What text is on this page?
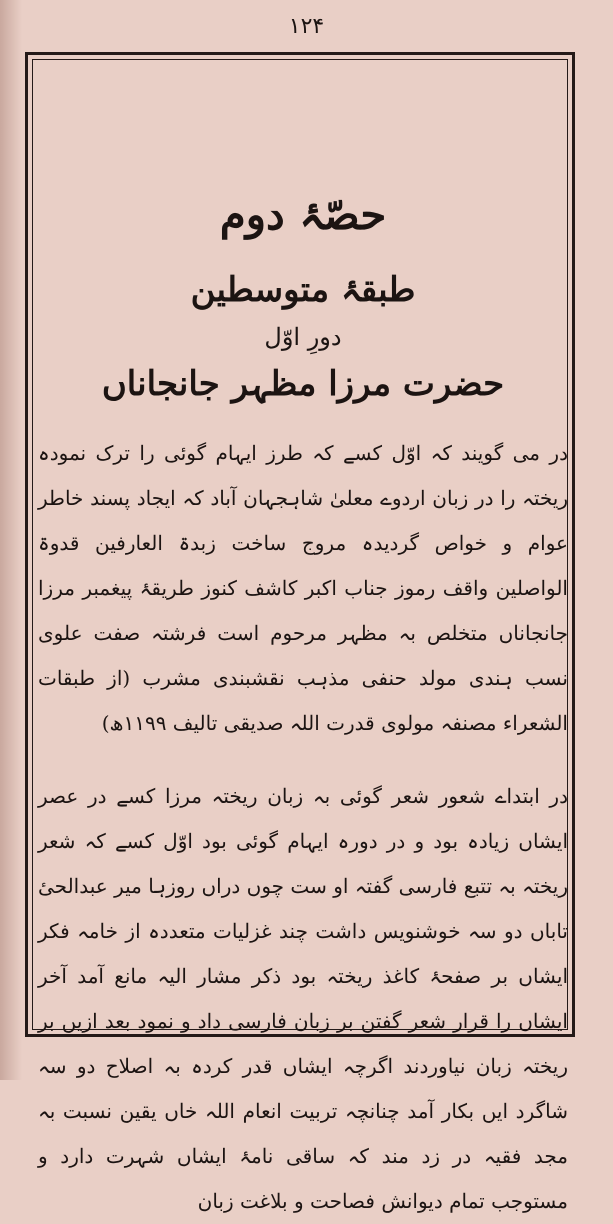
۱۲۴
حصّۂ دوم
طبقۂ متوسطین
دورِ اوّل
حضرت مرزا مظہر جانجاناں

در می گویند کہ اوّل کسے کہ طرز ایہام گوئی را ترک نمودہ ریختہ را در زبان اردوے معلیٰ شاہجہان آباد کہ ایجاد پسند خاطر عوام و خواص گردیدہ مروج ساخت زبدۃ العارفین قدوۃ الواصلین واقف رموز جناب اکبر کاشف کنوز طریقۂ پیغمبر مرزا جانجاناں متخلص بہ مظہر مرحوم است فرشتہ صفت علوی نسب ہندی مولد حنفی مذہب نقشبندی مشرب (از طبقات الشعراء مصنفہ مولوی قدرت اللہ صدیقی تالیف ۱۱۹۹ھ)

در ابتداے شعور شعر گوئی بہ زبان ریختہ مرزا کسے در عصر ایشاں زیادہ بود و در دورہ ایہام گوئی بود اوّل کسے کہ شعر ریختہ بہ تتبع فارسی گفتہ او ست چوں دراں روزہا میر عبدالحیٔ تاباں دو سہ خوشنویس داشت چند غزلیات متعددہ از خامہ فکر ایشاں بر صفحۂ کاغذ ریختہ بود ذکر مشار الیہ مانع آمد آخر ایشاں را قرار شعر گفتن بر زبان فارسی داد و نمود بعد ازیں بر ریختہ زبان نیاوردند اگرچہ ایشاں قدر کردہ بہ اصلاح دو سہ شاگرد ایں بکار آمد چنانچہ تربیت انعام اللہ خاں یقین نسبت بہ مجد فقیہ در زد مند کہ ساقی نامۂ ایشاں شہرت دارد و مستوجب تمام دیوانش فصاحت و بلاغت زبان
